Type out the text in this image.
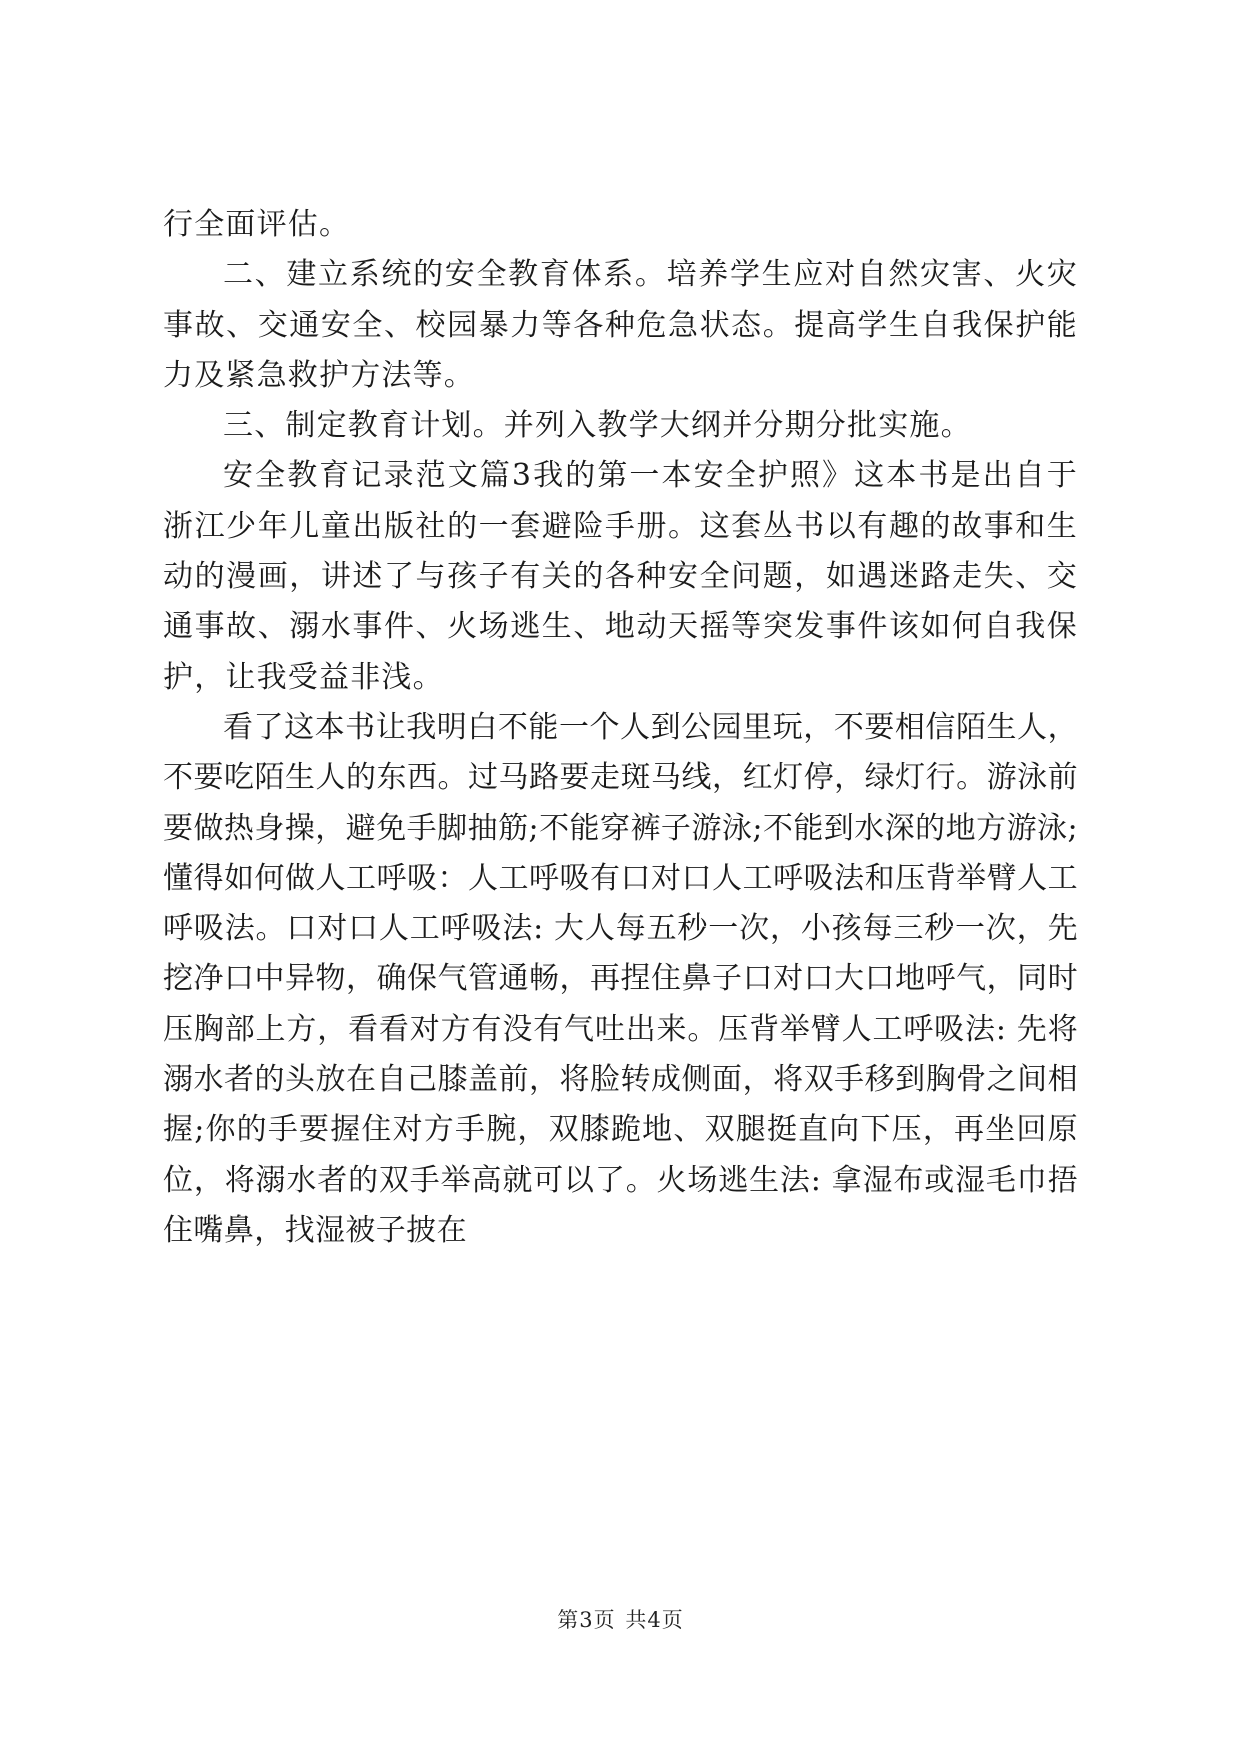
行全面评估。

二、建立系统的安全教育体系。培养学生应对自然灾害、火灾事故、交通安全、校园暴力等各种危急状态。提高学生自我保护能力及紧急救护方法等。

三、制定教育计划。并列入教学大纲并分期分批实施。

安全教育记录范文篇3我的第一本安全护照》这本书是出自于浙江少年儿童出版社的一套避险手册。这套丛书以有趣的故事和生动的漫画，讲述了与孩子有关的各种安全问题，如遇迷路走失、交通事故、溺水事件、火场逃生、地动天摇等突发事件该如何自我保护，让我受益非浅。

看了这本书让我明白不能一个人到公园里玩，不要相信陌生人，不要吃陌生人的东西。过马路要走斑马线，红灯停，绿灯行。游泳前要做热身操，避免手脚抽筋;不能穿裤子游泳;不能到水深的地方游泳;懂得如何做人工呼吸：人工呼吸有口对口人工呼吸法和压背举臂人工呼吸法。口对口人工呼吸法: 大人每五秒一次，小孩每三秒一次，先挖净口中异物，确保气管通畅，再捏住鼻子口对口大口地呼气，同时压胸部上方，看看对方有没有气吐出来。压背举臂人工呼吸法: 先将溺水者的头放在自己膝盖前，将脸转成侧面，将双手移到胸骨之间相握;你的手要握住对方手腕，双膝跪地、双腿挺直向下压，再坐回原位，将溺水者的双手举高就可以了。火场逃生法: 拿湿布或湿毛巾捂住嘴鼻，找湿被子披在

第3页 共4页
